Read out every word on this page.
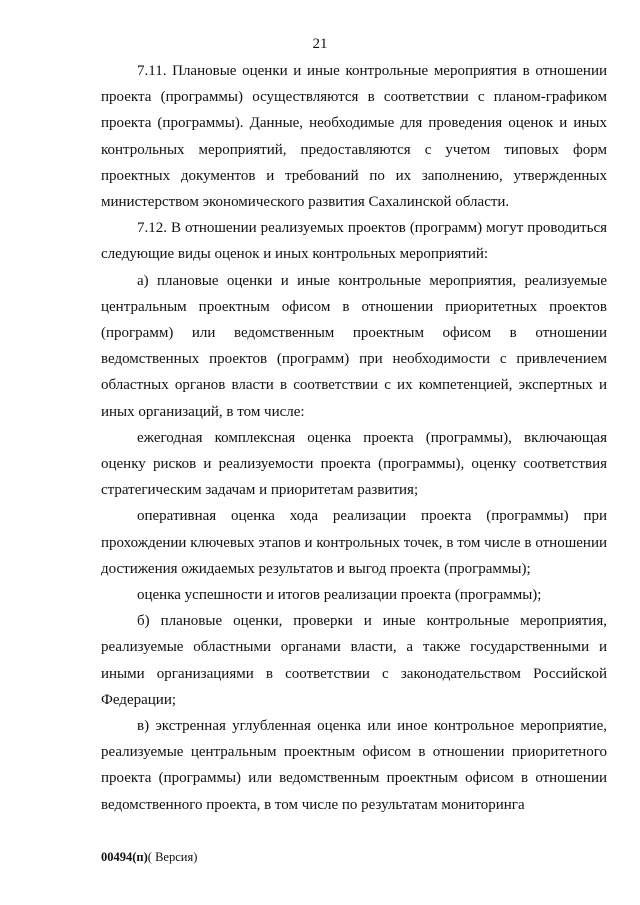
21

7.11. Плановые оценки и иные контрольные мероприятия в отношении проекта (программы) осуществляются в соответствии с планом-графиком проекта (программы). Данные, необходимые для проведения оценок и иных контрольных мероприятий, предоставляются с учетом типовых форм проектных документов и требований по их заполнению, утвержденных министерством экономического развития Сахалинской области.

7.12. В отношении реализуемых проектов (программ) могут проводиться следующие виды оценок и иных контрольных мероприятий:

а) плановые оценки и иные контрольные мероприятия, реализуемые центральным проектным офисом в отношении приоритетных проектов (программ) или ведомственным проектным офисом в отношении ведомственных проектов (программ) при необходимости с привлечением областных органов власти в соответствии с их компетенцией, экспертных и иных организаций, в том числе:

ежегодная комплексная оценка проекта (программы), включающая оценку рисков и реализуемости проекта (программы), оценку соответствия стратегическим задачам и приоритетам развития;

оперативная оценка хода реализации проекта (программы) при прохождении ключевых этапов и контрольных точек, в том числе в отношении достижения ожидаемых результатов и выгод проекта (программы);

оценка успешности и итогов реализации проекта (программы);

б) плановые оценки, проверки и иные контрольные мероприятия, реализуемые областными органами власти, а также государственными и иными организациями в соответствии с законодательством Российской Федерации;

в) экстренная углубленная оценка или иное контрольное мероприятие, реализуемые центральным проектным офисом в отношении приоритетного проекта (программы) или ведомственным проектным офисом в отношении ведомственного проекта, в том числе по результатам мониторинга

00494(п)( Версия)
